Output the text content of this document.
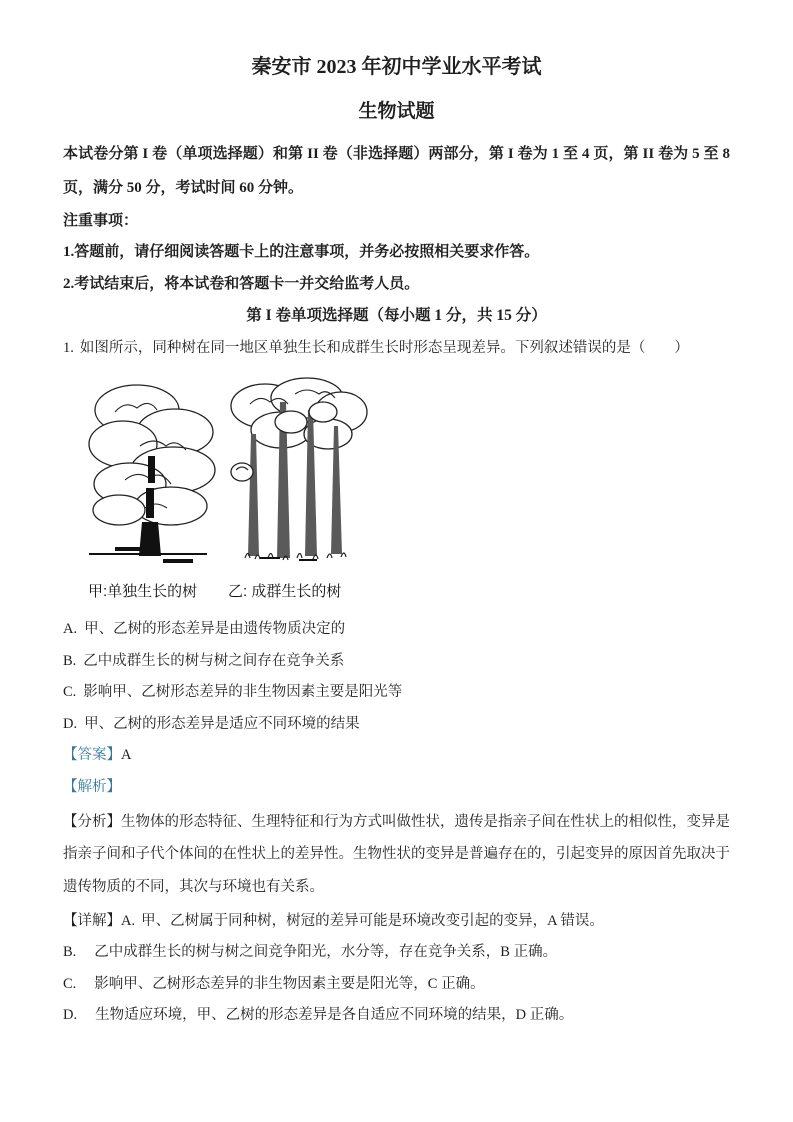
秦安市 2023 年初中学业水平考试
生物试题

本试卷分第 I 卷（单项选择题）和第 II 卷（非选择题）两部分，第 I 卷为 1 至 4 页，第 II 卷为 5 至 8 页，满分 50 分，考试时间 60 分钟。

注重事项：

1.答题前，请仔细阅读答题卡上的注意事项，并务必按照相关要求作答。

2.考试结束后，将本试卷和答题卡一并交给监考人员。

第 I 卷单项选择题（每小题 1 分，共 15 分）

1. 如图所示，同种树在同一地区单独生长和成群生长时形态呈现差异。下列叙述错误的是（　　）

甲:单独生长的树 乙: 成群生长的树

A. 甲、乙树的形态差异是由遗传物质决定的

B. 乙中成群生长的树与树之间存在竞争关系

C. 影响甲、乙树形态差异的非生物因素主要是阳光等

D. 甲、乙树的形态差异是适应不同环境的结果

【答案】A

【解析】

【分析】生物体的形态特征、生理特征和行为方式叫做性状，遗传是指亲子间在性状上的相似性，变异是指亲子间和子代个体间的在性状上的差异性。生物性状的变异是普遍存在的，引起变异的原因首先取决于遗传物质的不同，其次与环境也有关系。

【详解】A. 甲、乙树属于同种树，树冠的差异可能是环境改变引起的变异，A 错误。

B. 乙中成群生长的树与树之间竞争阳光，水分等，存在竞争关系，B 正确。

C. 影响甲、乙树形态差异的非生物因素主要是阳光等，C 正确。

D. 生物适应环境，甲、乙树的形态差异是各自适应不同环境的结果，D 正确。
